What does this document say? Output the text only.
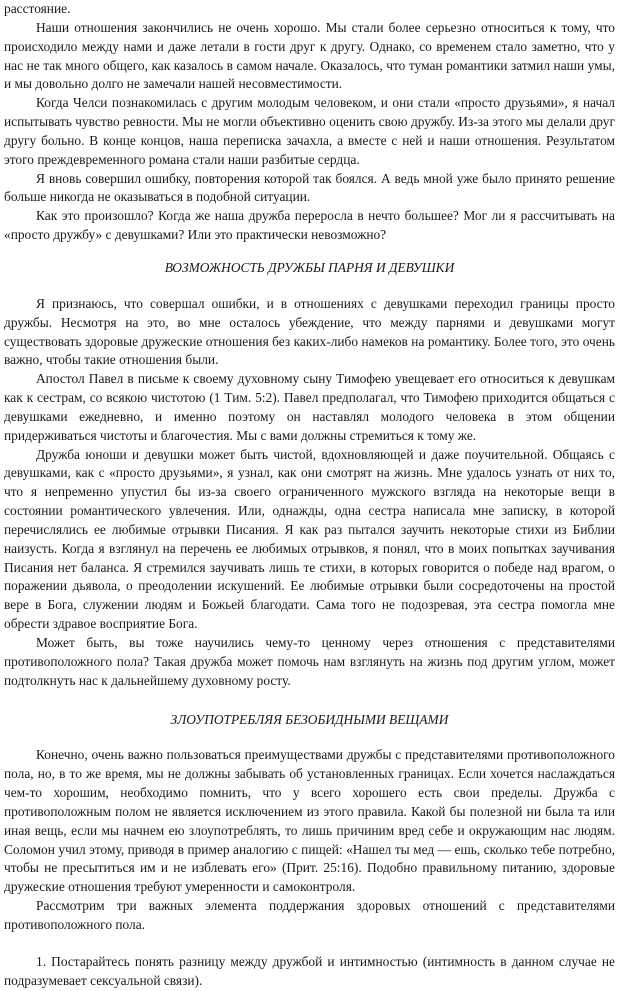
расстояние.

Наши отношения закончились не очень хорошо. Мы стали более серьезно относиться к тому, что происходило между нами и даже летали в гости друг к другу. Однако, со временем стало заметно, что у нас не так много общего, как казалось в самом начале. Оказалось, что туман романтики затмил наши умы, и мы довольно долго не замечали нашей несовместимости.

Когда Челси познакомилась с другим молодым человеком, и они стали «просто друзьями», я начал испытывать чувство ревности. Мы не могли объективно оценить свою дружбу. Из-за этого мы делали друг другу больно. В конце концов, наша переписка зачахла, а вместе с ней и наши отношения. Результатом этого преждевременного романа стали наши разбитые сердца.

Я вновь совершил ошибку, повторения которой так боялся. А ведь мной уже было принято решение больше никогда не оказываться в подобной ситуации.

Как это произошло? Когда же наша дружба переросла в нечто большее? Мог ли я рассчитывать на «просто дружбу» с девушками? Или это практически невозможно?

ВОЗМОЖНОСТЬ ДРУЖБЫ ПАРНЯ И ДЕВУШКИ

Я признаюсь, что совершал ошибки, и в отношениях с девушками переходил границы просто дружбы. Несмотря на это, во мне осталось убеждение, что между парнями и девушками могут существовать здоровые дружеские отношения без каких-либо намеков на романтику. Более того, это очень важно, чтобы такие отношения были.

Апостол Павел в письме к своему духовному сыну Тимофею увещевает его относиться к девушкам как к сестрам, со всякою чистотою (1 Тим. 5:2). Павел предполагал, что Тимофею приходится общаться с девушками ежедневно, и именно поэтому он наставлял молодого человека в этом общении придерживаться чистоты и благочестия. Мы с вами должны стремиться к тому же.

Дружба юноши и девушки может быть чистой, вдохновляющей и даже поучительной. Общаясь с девушками, как с «просто друзьями», я узнал, как они смотрят на жизнь. Мне удалось узнать от них то, что я непременно упустил бы из-за своего ограниченного мужского взгляда на некоторые вещи в состоянии романтического увлечения. Или, однажды, одна сестра написала мне записку, в которой перечислялись ее любимые отрывки Писания. Я как раз пытался заучить некоторые стихи из Библии наизусть. Когда я взглянул на перечень ее любимых отрывков, я понял, что в моих попытках заучивания Писания нет баланса. Я стремился заучивать лишь те стихи, в которых говорится о победе над врагом, о поражении дьявола, о преодолении искушений. Ее любимые отрывки были сосредоточены на простой вере в Бога, служении людям и Божьей благодати. Сама того не подозревая, эта сестра помогла мне обрести здравое восприятие Бога.

Может быть, вы тоже научились чему-то ценному через отношения с представителями противоположного пола? Такая дружба может помочь нам взглянуть на жизнь под другим углом, может подтолкнуть нас к дальнейшему духовному росту.

ЗЛОУПОТРЕБЛЯЯ БЕЗОБИДНЫМИ ВЕЩАМИ

Конечно, очень важно пользоваться преимуществами дружбы с представителями противоположного пола, но, в то же время, мы не должны забывать об установленных границах. Если хочется наслаждаться чем-то хорошим, необходимо помнить, что у всего хорошего есть свои пределы. Дружба с противоположным полом не является исключением из этого правила. Какой бы полезной ни была та или иная вещь, если мы начнем ею злоупотреблять, то лишь причиним вред себе и окружающим нас людям. Соломон учил этому, приводя в пример аналогию с пищей: «Нашел ты мед — ешь, сколько тебе потребно, чтобы не пресытиться им и не изблевать его» (Прит. 25:16). Подобно правильному питанию, здоровые дружеские отношения требуют умеренности и самоконтроля.

Рассмотрим три важных элемента поддержания здоровых отношений с представителями противоположного пола.

1. Постарайтесь понять разницу между дружбой и интимностью (интимность в данном случае не подразумевает сексуальной связи).
